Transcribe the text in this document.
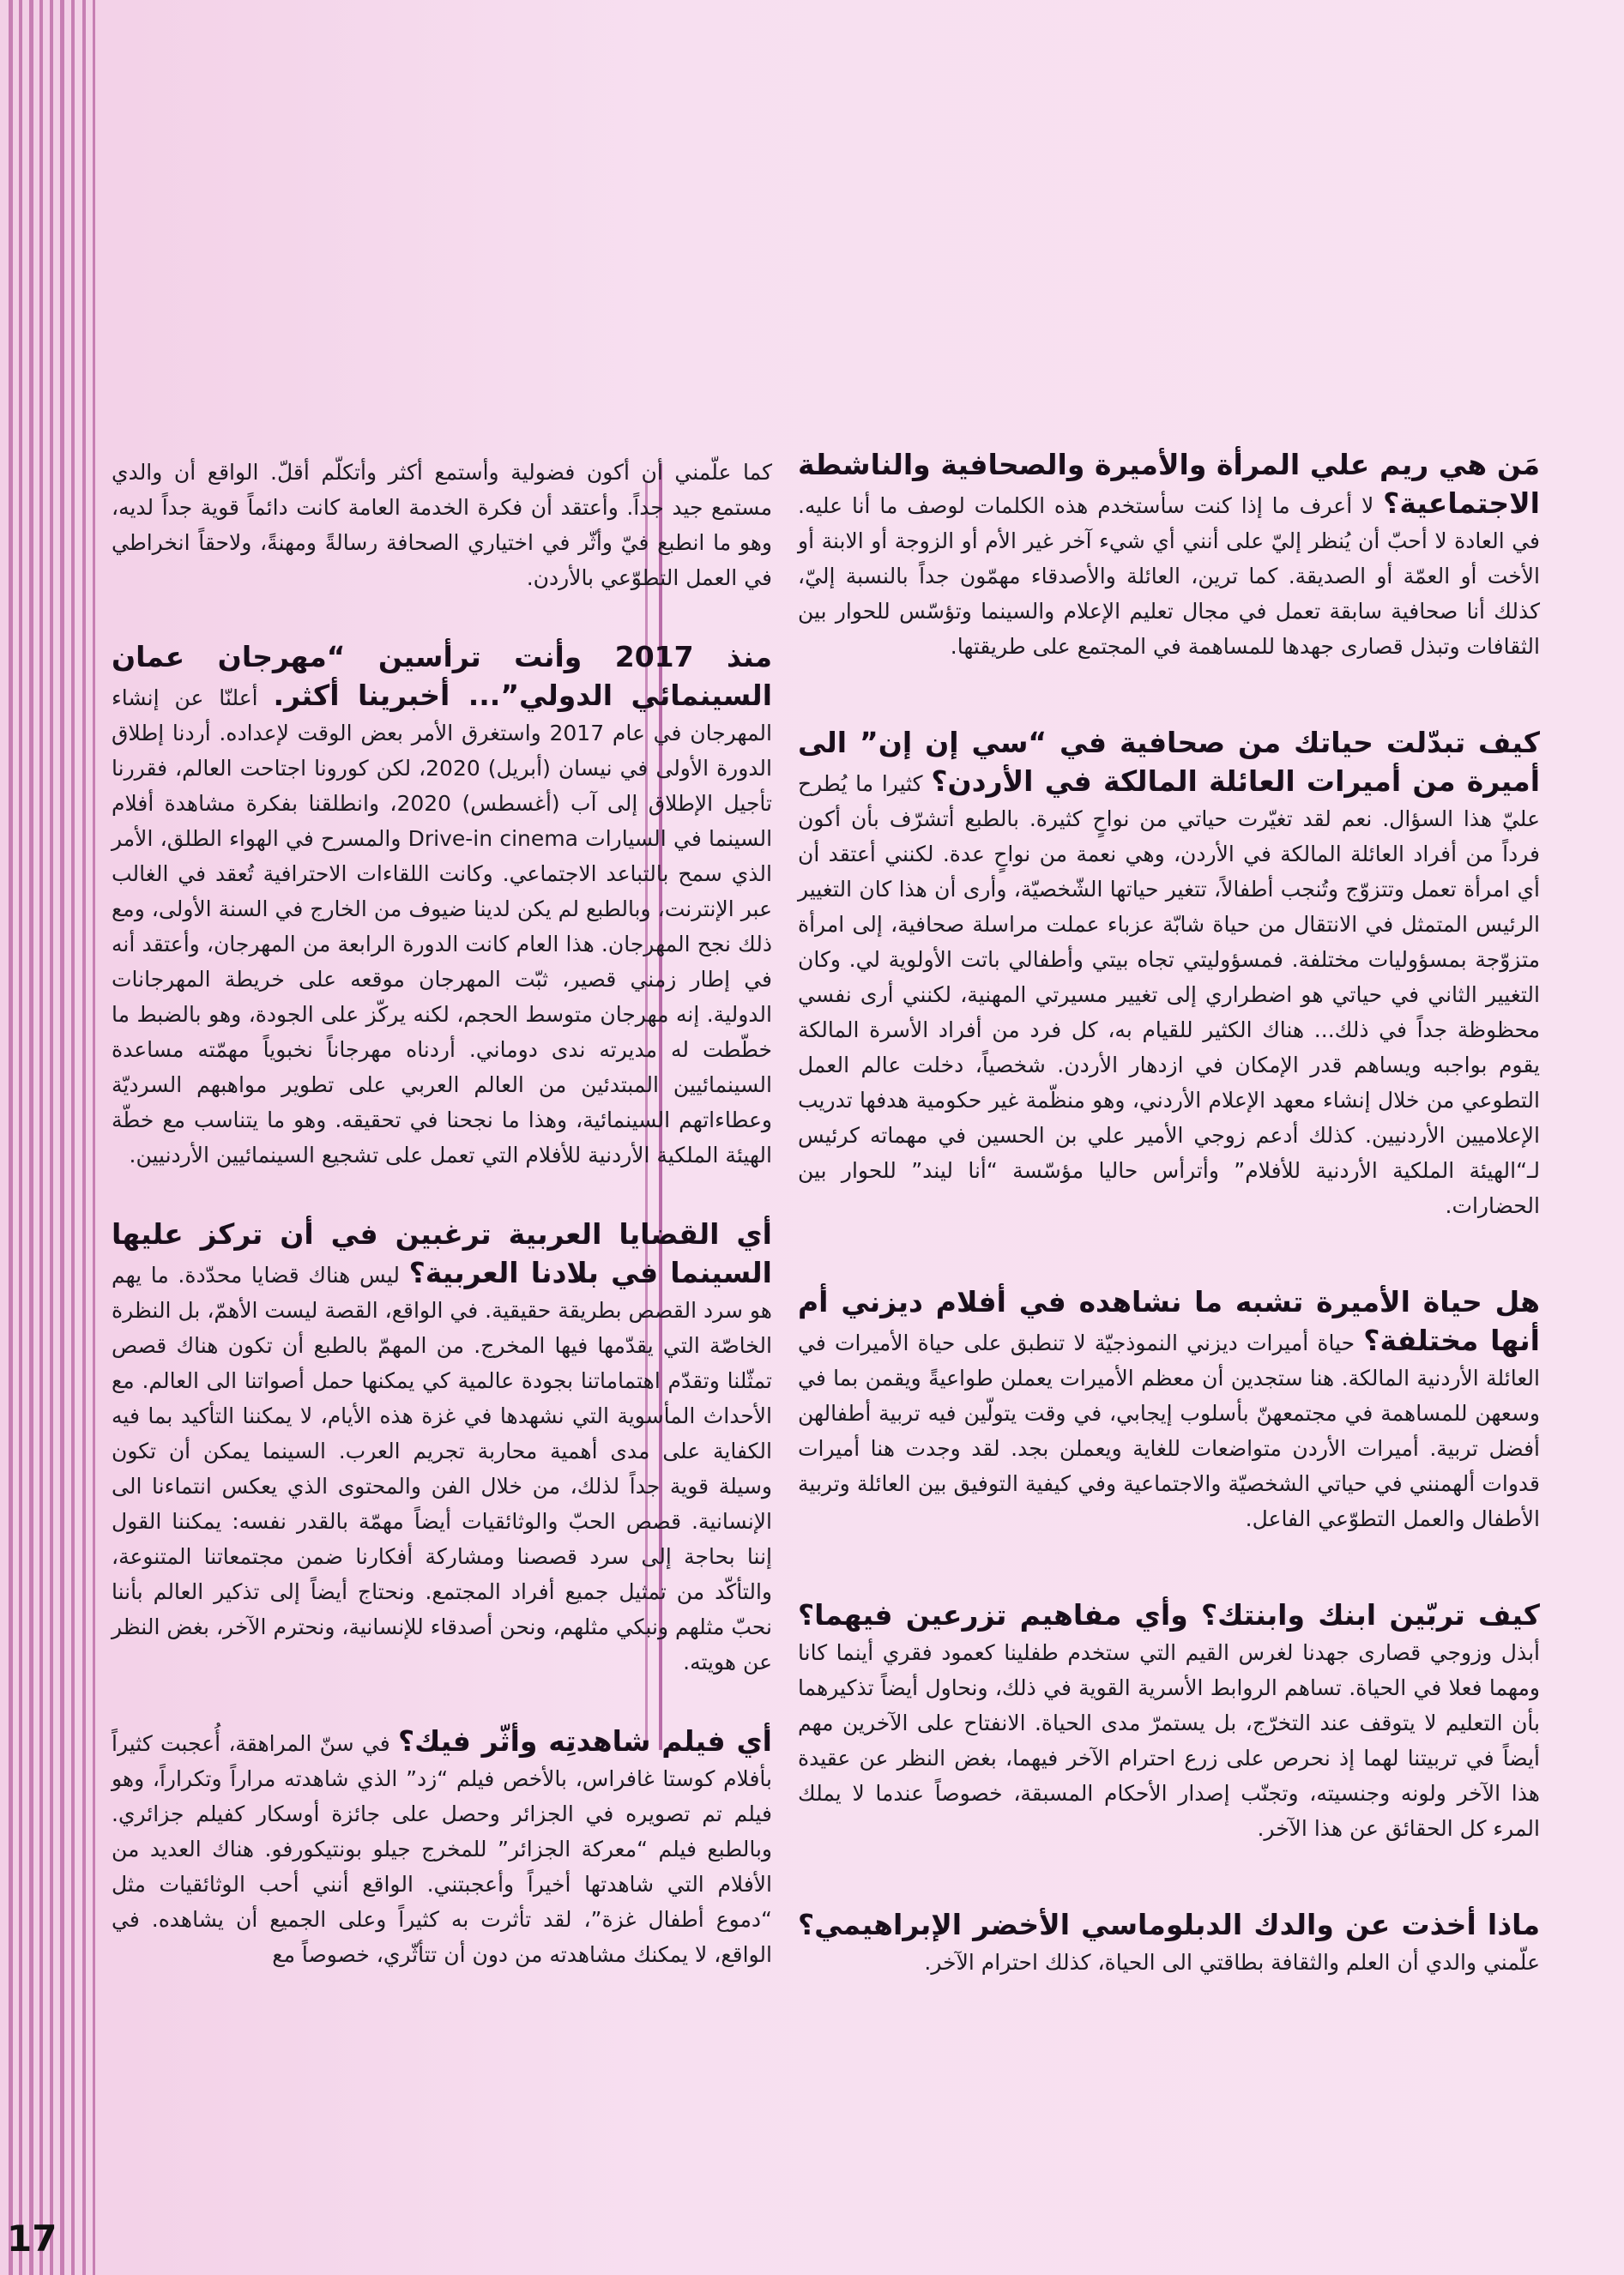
مَن هي ريم علي المرأة والأميرة والصحافية والناشطة الاجتماعية؟ لا أعرف ما إذا كنت سأستخدم هذه الكلمات لوصف ما أنا عليه. في العادة لا أحبّ أن يُنظر إليّ على أنني أي شيء آخر غير الأم أو الزوجة أو الابنة أو الأخت أو العمّة أو الصديقة. كما ترين، العائلة والأصدقاء مهمّون جداً بالنسبة إليّ، كذلك أنا صحافية سابقة تعمل في مجال تعليم الإعلام والسينما وتؤسّس للحوار بين الثقافات وتبذل قصارى جهدها للمساهمة في المجتمع على طريقتها.

كيف تبدّلت حياتك من صحافية في “سي إن إن” الى أميرة من أميرات العائلة المالكة في الأردن؟ كثيرا ما يُطرح عليّ هذا السؤال. نعم لقد تغيّرت حياتي من نواحٍ كثيرة. بالطبع أتشرّف بأن أكون فرداً من أفراد العائلة المالكة في الأردن، وهي نعمة من نواحٍ عدة. لكنني أعتقد أن أي امرأة تعمل وتتزوّج وتُنجب أطفالاً، تتغير حياتها الشّخصيّة، وأرى أن هذا كان التغيير الرئيس المتمثل في الانتقال من حياة شابّة عزباء عملت مراسلة صحافية، إلى امرأة متزوّجة بمسؤوليات مختلفة. فمسؤوليتي تجاه بيتي وأطفالي باتت الأولوية لي. وكان التغيير الثاني في حياتي هو اضطراري إلى تغيير مسيرتي المهنية، لكنني أرى نفسي محظوظة جداً في ذلك... هناك الكثير للقيام به، كل فرد من أفراد الأسرة المالكة يقوم بواجبه ويساهم قدر الإمكان في ازدهار الأردن. شخصياً، دخلت عالم العمل التطوعي من خلال إنشاء معهد الإعلام الأردني، وهو منظّمة غير حكومية هدفها تدريب الإعلاميين الأردنيين. كذلك أدعم زوجي الأمير علي بن الحسين في مهماته كرئيس لـ“الهيئة الملكية الأردنية للأفلام” وأترأس حاليا مؤسّسة “أنا ليند” للحوار بين الحضارات.

هل حياة الأميرة تشبه ما نشاهده في أفلام ديزني أم أنها مختلفة؟ حياة أميرات ديزني النموذجيّة لا تنطبق على حياة الأميرات في العائلة الأردنية المالكة. هنا ستجدين أن معظم الأميرات يعملن طواعيةً ويقمن بما في وسعهن للمساهمة في مجتمعهنّ بأسلوب إيجابي، في وقت يتولّين فيه تربية أطفالهن أفضل تربية. أميرات الأردن متواضعات للغاية ويعملن بجد. لقد وجدت هنا أميرات قدوات ألهمنني في حياتي الشخصيّة والاجتماعية وفي كيفية التوفيق بين العائلة وتربية الأطفال والعمل التطوّعي الفاعل.

كيف تربّين ابنك وابنتك؟ وأي مفاهيم تزرعين فيهما؟ أبذل وزوجي قصارى جهدنا لغرس القيم التي ستخدم طفلينا كعمود فقري أينما كانا ومهما فعلا في الحياة. تساهم الروابط الأسرية القوية في ذلك، ونحاول أيضاً تذكيرهما بأن التعليم لا يتوقف عند التخرّج، بل يستمرّ مدى الحياة. الانفتاح على الآخرين مهم أيضاً في تربيتنا لهما إذ نحرص على زرع احترام الآخر فيهما، بغض النظر عن عقيدة هذا الآخر ولونه وجنسيته، وتجنّب إصدار الأحكام المسبقة، خصوصاً عندما لا يملك المرء كل الحقائق عن هذا الآخر.

ماذا أخذت عن والدك الدبلوماسي الأخضر الإبراهيمي؟ علّمني والدي أن العلم والثقافة بطاقتي الى الحياة، كذلك احترام الآخر.

كما علّمني أن أكون فضولية وأستمع أكثر وأتكلّم أقلّ. الواقع أن والدي مستمع جيد جداً. وأعتقد أن فكرة الخدمة العامة كانت دائماً قوية جداً لديه، وهو ما انطبع فيّ وأثّر في اختياري الصحافة رسالةً ومهنةً، ولاحقاً انخراطي في العمل التطوّعي بالأردن.

منذ 2017 وأنت ترأسين “مهرجان عمان السينمائي الدولي”... أخبرينا أكثر. أعلنّا عن إنشاء المهرجان في عام 2017 واستغرق الأمر بعض الوقت لإعداده. أردنا إطلاق الدورة الأولى في نيسان (أبريل) 2020، لكن كورونا اجتاحت العالم، فقررنا تأجيل الإطلاق إلى آب (أغسطس) 2020، وانطلقنا بفكرة مشاهدة أفلام السينما في السيارات Drive-in cinema والمسرح في الهواء الطلق، الأمر الذي سمح بالتباعد الاجتماعي. وكانت اللقاءات الاحترافية تُعقد في الغالب عبر الإنترنت، وبالطبع لم يكن لدينا ضيوف من الخارج في السنة الأولى، ومع ذلك نجح المهرجان. هذا العام كانت الدورة الرابعة من المهرجان، وأعتقد أنه في إطار زمني قصير، ثبّت المهرجان موقعه على خريطة المهرجانات الدولية. إنه مهرجان متوسط الحجم، لكنه يركّز على الجودة، وهو بالضبط ما خطّطت له مديرته ندى دوماني. أردناه مهرجاناً نخبوياً مهمّته مساعدة السينمائيين المبتدئين من العالم العربي على تطوير مواهبهم السرديّة وعطاءاتهم السينمائية، وهذا ما نجحنا في تحقيقه. وهو ما يتناسب مع خطّة الهيئة الملكية الأردنية للأفلام التي تعمل على تشجيع السينمائيين الأردنيين.

أي القضايا العربية ترغبين في أن تركز عليها السينما في بلادنا العربية؟ ليس هناك قضايا محدّدة. ما يهم هو سرد القصص بطريقة حقيقية. في الواقع، القصة ليست الأهمّ، بل النظرة الخاصّة التي يقدّمها فيها المخرج. من المهمّ بالطبع أن تكون هناك قصص تمثّلنا وتقدّم اهتماماتنا بجودة عالمية كي يمكنها حمل أصواتنا الى العالم. مع الأحداث المأسوية التي نشهدها في غزة هذه الأيام، لا يمكننا التأكيد بما فيه الكفاية على مدى أهمية محاربة تجريم العرب. السينما يمكن أن تكون وسيلة قوية جداً لذلك، من خلال الفن والمحتوى الذي يعكس انتماءنا الى الإنسانية. قصص الحبّ والوثائقيات أيضاً مهمّة بالقدر نفسه: يمكننا القول إننا بحاجة إلى سرد قصصنا ومشاركة أفكارنا ضمن مجتمعاتنا المتنوعة، والتأكّد من تمثيل جميع أفراد المجتمع. ونحتاج أيضاً إلى تذكير العالم بأننا نحبّ مثلهم ونبكي مثلهم، ونحن أصدقاء للإنسانية، ونحترم الآخر، بغض النظر عن هويته.

أي فيلم شاهدتِه وأثّر فيك؟ في سنّ المراهقة، أُعجبت كثيراً بأفلام كوستا غافراس، بالأخص فيلم “زد” الذي شاهدته مراراً وتكراراً، وهو فيلم تم تصويره في الجزائر وحصل على جائزة أوسكار كفيلم جزائري. وبالطبع فيلم “معركة الجزائر” للمخرج جيلو بونتيكورفو. هناك العديد من الأفلام التي شاهدتها أخيراً وأعجبتني. الواقع أنني أحب الوثائقيات مثل “دموع أطفال غزة”، لقد تأثرت به كثيراً وعلى الجميع أن يشاهده. في الواقع، لا يمكنك مشاهدته من دون أن تتأثّري، خصوصاً مع

17
